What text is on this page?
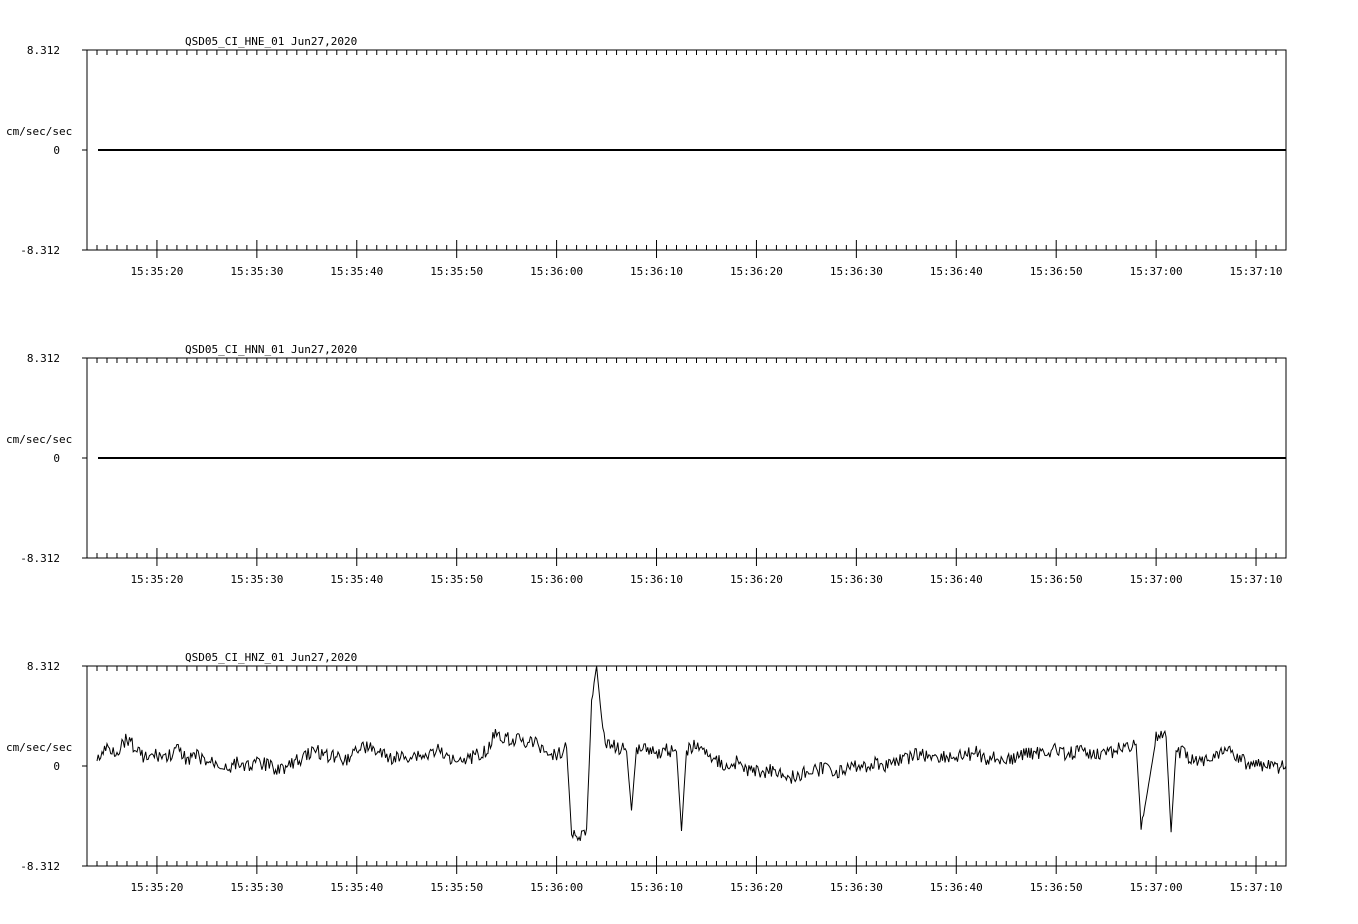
QSD05_CI_HNE_01 Jun27,2020
8.312
0
-8.312
cm/sec/sec
15:35:20	15:35:30	15:35:40	15:35:50	15:36:00	15:36:10	15:36:20	15:36:30	15:36:40	15:36:50	15:37:00	15:37:10
QSD05_CI_HNN_01 Jun27,2020
8.312
0
-8.312
cm/sec/sec
15:35:20	15:35:30	15:35:40	15:35:50	15:36:00	15:36:10	15:36:20	15:36:30	15:36:40	15:36:50	15:37:00	15:37:10
QSD05_CI_HNZ_01 Jun27,2020
8.312
0
-8.312
cm/sec/sec
15:35:20	15:35:30	15:35:40	15:35:50	15:36:00	15:36:10	15:36:20	15:36:30	15:36:40	15:36:50	15:37:00	15:37:10
